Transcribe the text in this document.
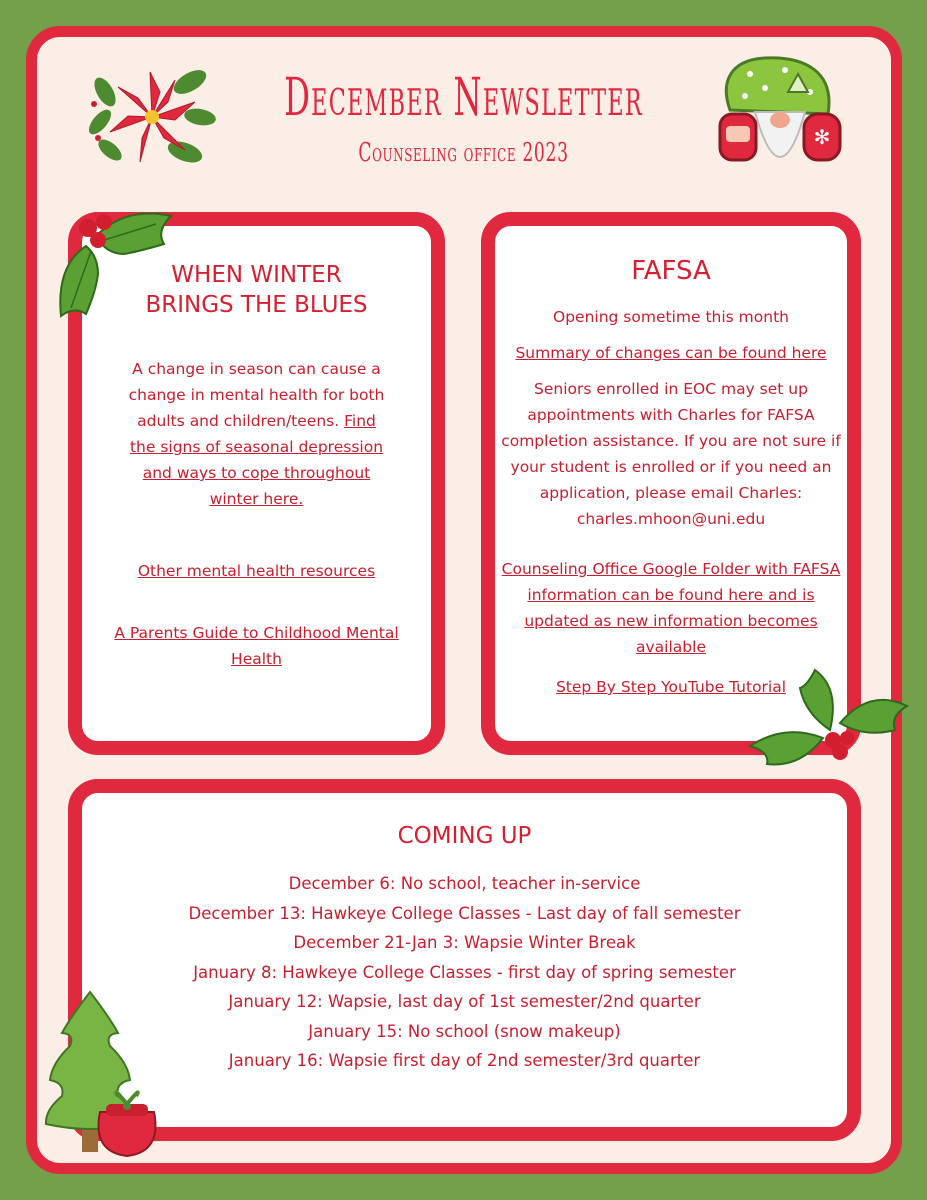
✻
December Newsletter
Counseling office 2023
WHEN WINTER
BRINGS THE BLUES
A change in season can cause a change in mental health for both adults and children/teens. Find the signs of seasonal depression and ways to cope throughout winter here.
Other mental health resources
A Parents Guide to Childhood Mental Health
FAFSA
Opening sometime this month
Summary of changes can be found here
Seniors enrolled in EOC may set up appointments with Charles for FAFSA completion assistance. If you are not sure if your student is enrolled or if you need an application, please email Charles: charles.mhoon@uni.edu
Counseling Office Google Folder with FAFSA information can be found here and is updated as new information becomes available
Step By Step YouTube Tutorial
COMING UP
December 6: No school, teacher in-service
December 13: Hawkeye College Classes - Last day of fall semester
December 21-Jan 3: Wapsie Winter Break
January 8: Hawkeye College Classes - first day of spring semester
January 12: Wapsie, last day of 1st semester/2nd quarter
January 15: No school (snow makeup)
January 16: Wapsie first day of 2nd semester/3rd quarter
